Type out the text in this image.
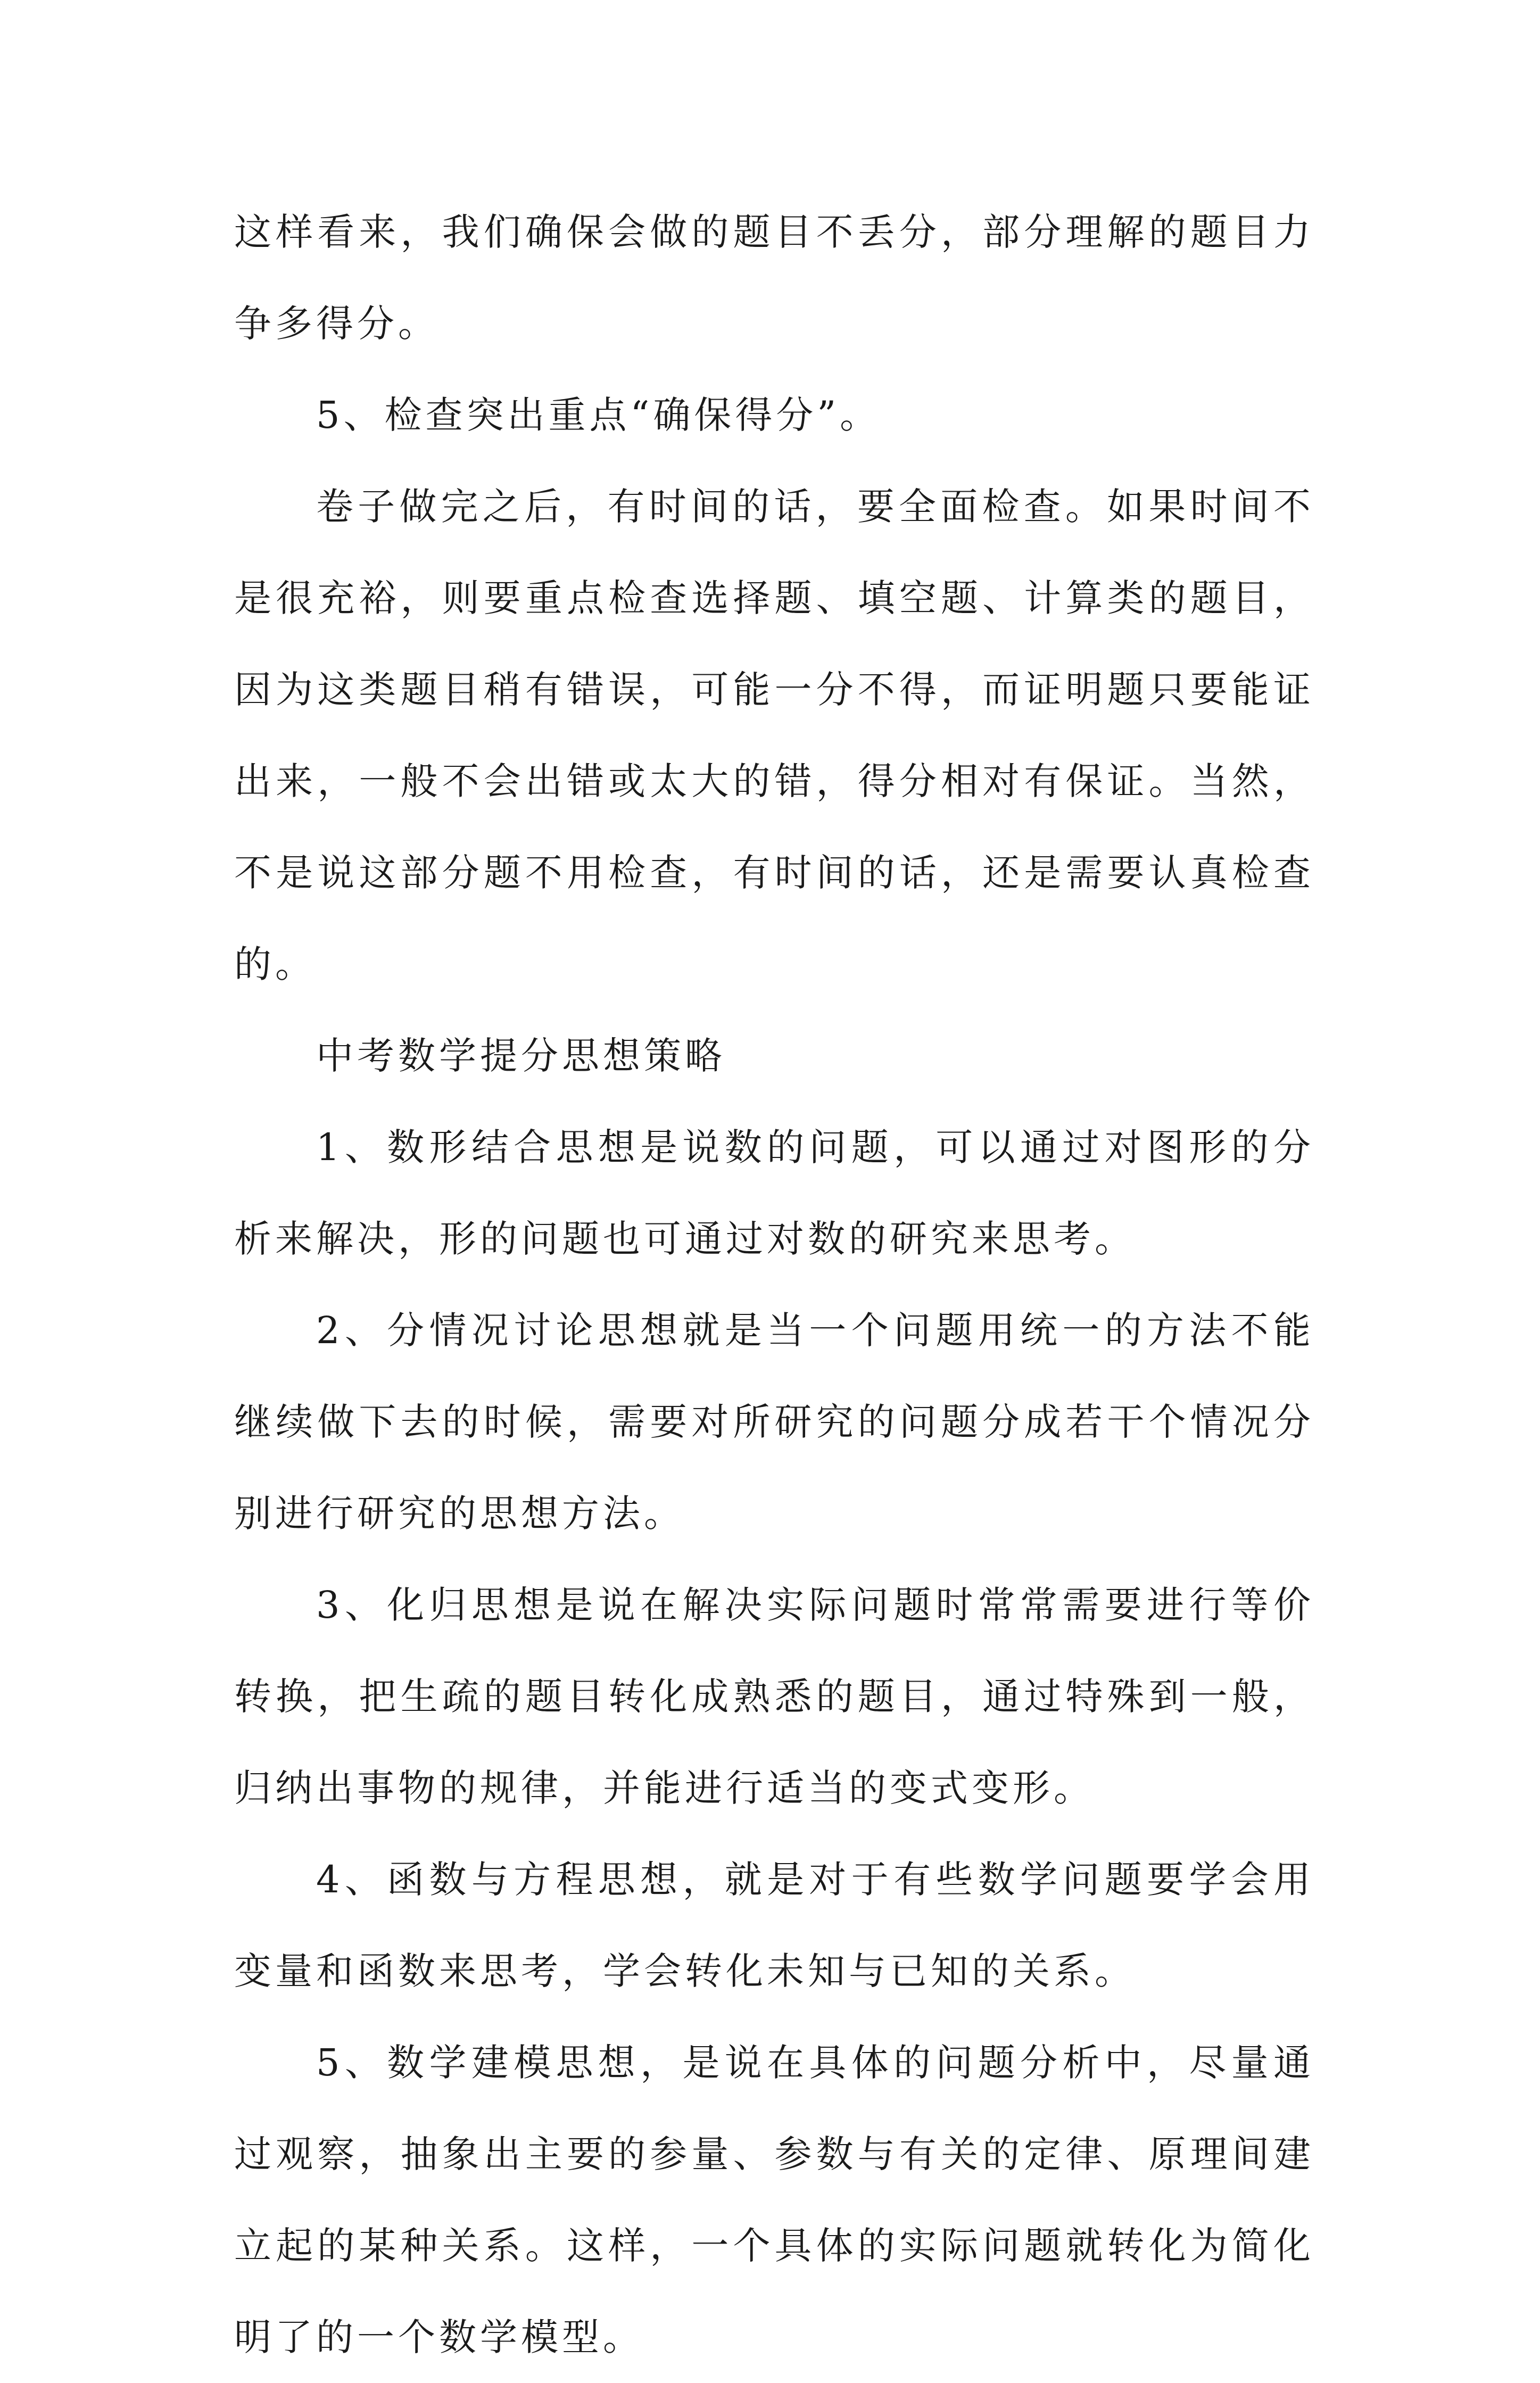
这样看来，我们确保会做的题目不丢分，部分理解的题目力争多得分。

5、检查突出重点“确保得分”。

卷子做完之后，有时间的话，要全面检查。如果时间不是很充裕，则要重点检查选择题、填空题、计算类的题目，因为这类题目稍有错误，可能一分不得，而证明题只要能证出来，一般不会出错或太大的错，得分相对有保证。当然，不是说这部分题不用检查，有时间的话，还是需要认真检查的。

中考数学提分思想策略

1、数形结合思想是说数的问题，可以通过对图形的分析来解决，形的问题也可通过对数的研究来思考。

2、分情况讨论思想就是当一个问题用统一的方法不能继续做下去的时候，需要对所研究的问题分成若干个情况分别进行研究的思想方法。

3、化归思想是说在解决实际问题时常常需要进行等价转换，把生疏的题目转化成熟悉的题目，通过特殊到一般，归纳出事物的规律，并能进行适当的变式变形。

4、函数与方程思想，就是对于有些数学问题要学会用变量和函数来思考，学会转化未知与已知的关系。

5、数学建模思想，是说在具体的问题分析中，尽量通过观察，抽象出主要的参量、参数与有关的定律、原理间建立起的某种关系。这样，一个具体的实际问题就转化为简化明了的一个数学模型。
